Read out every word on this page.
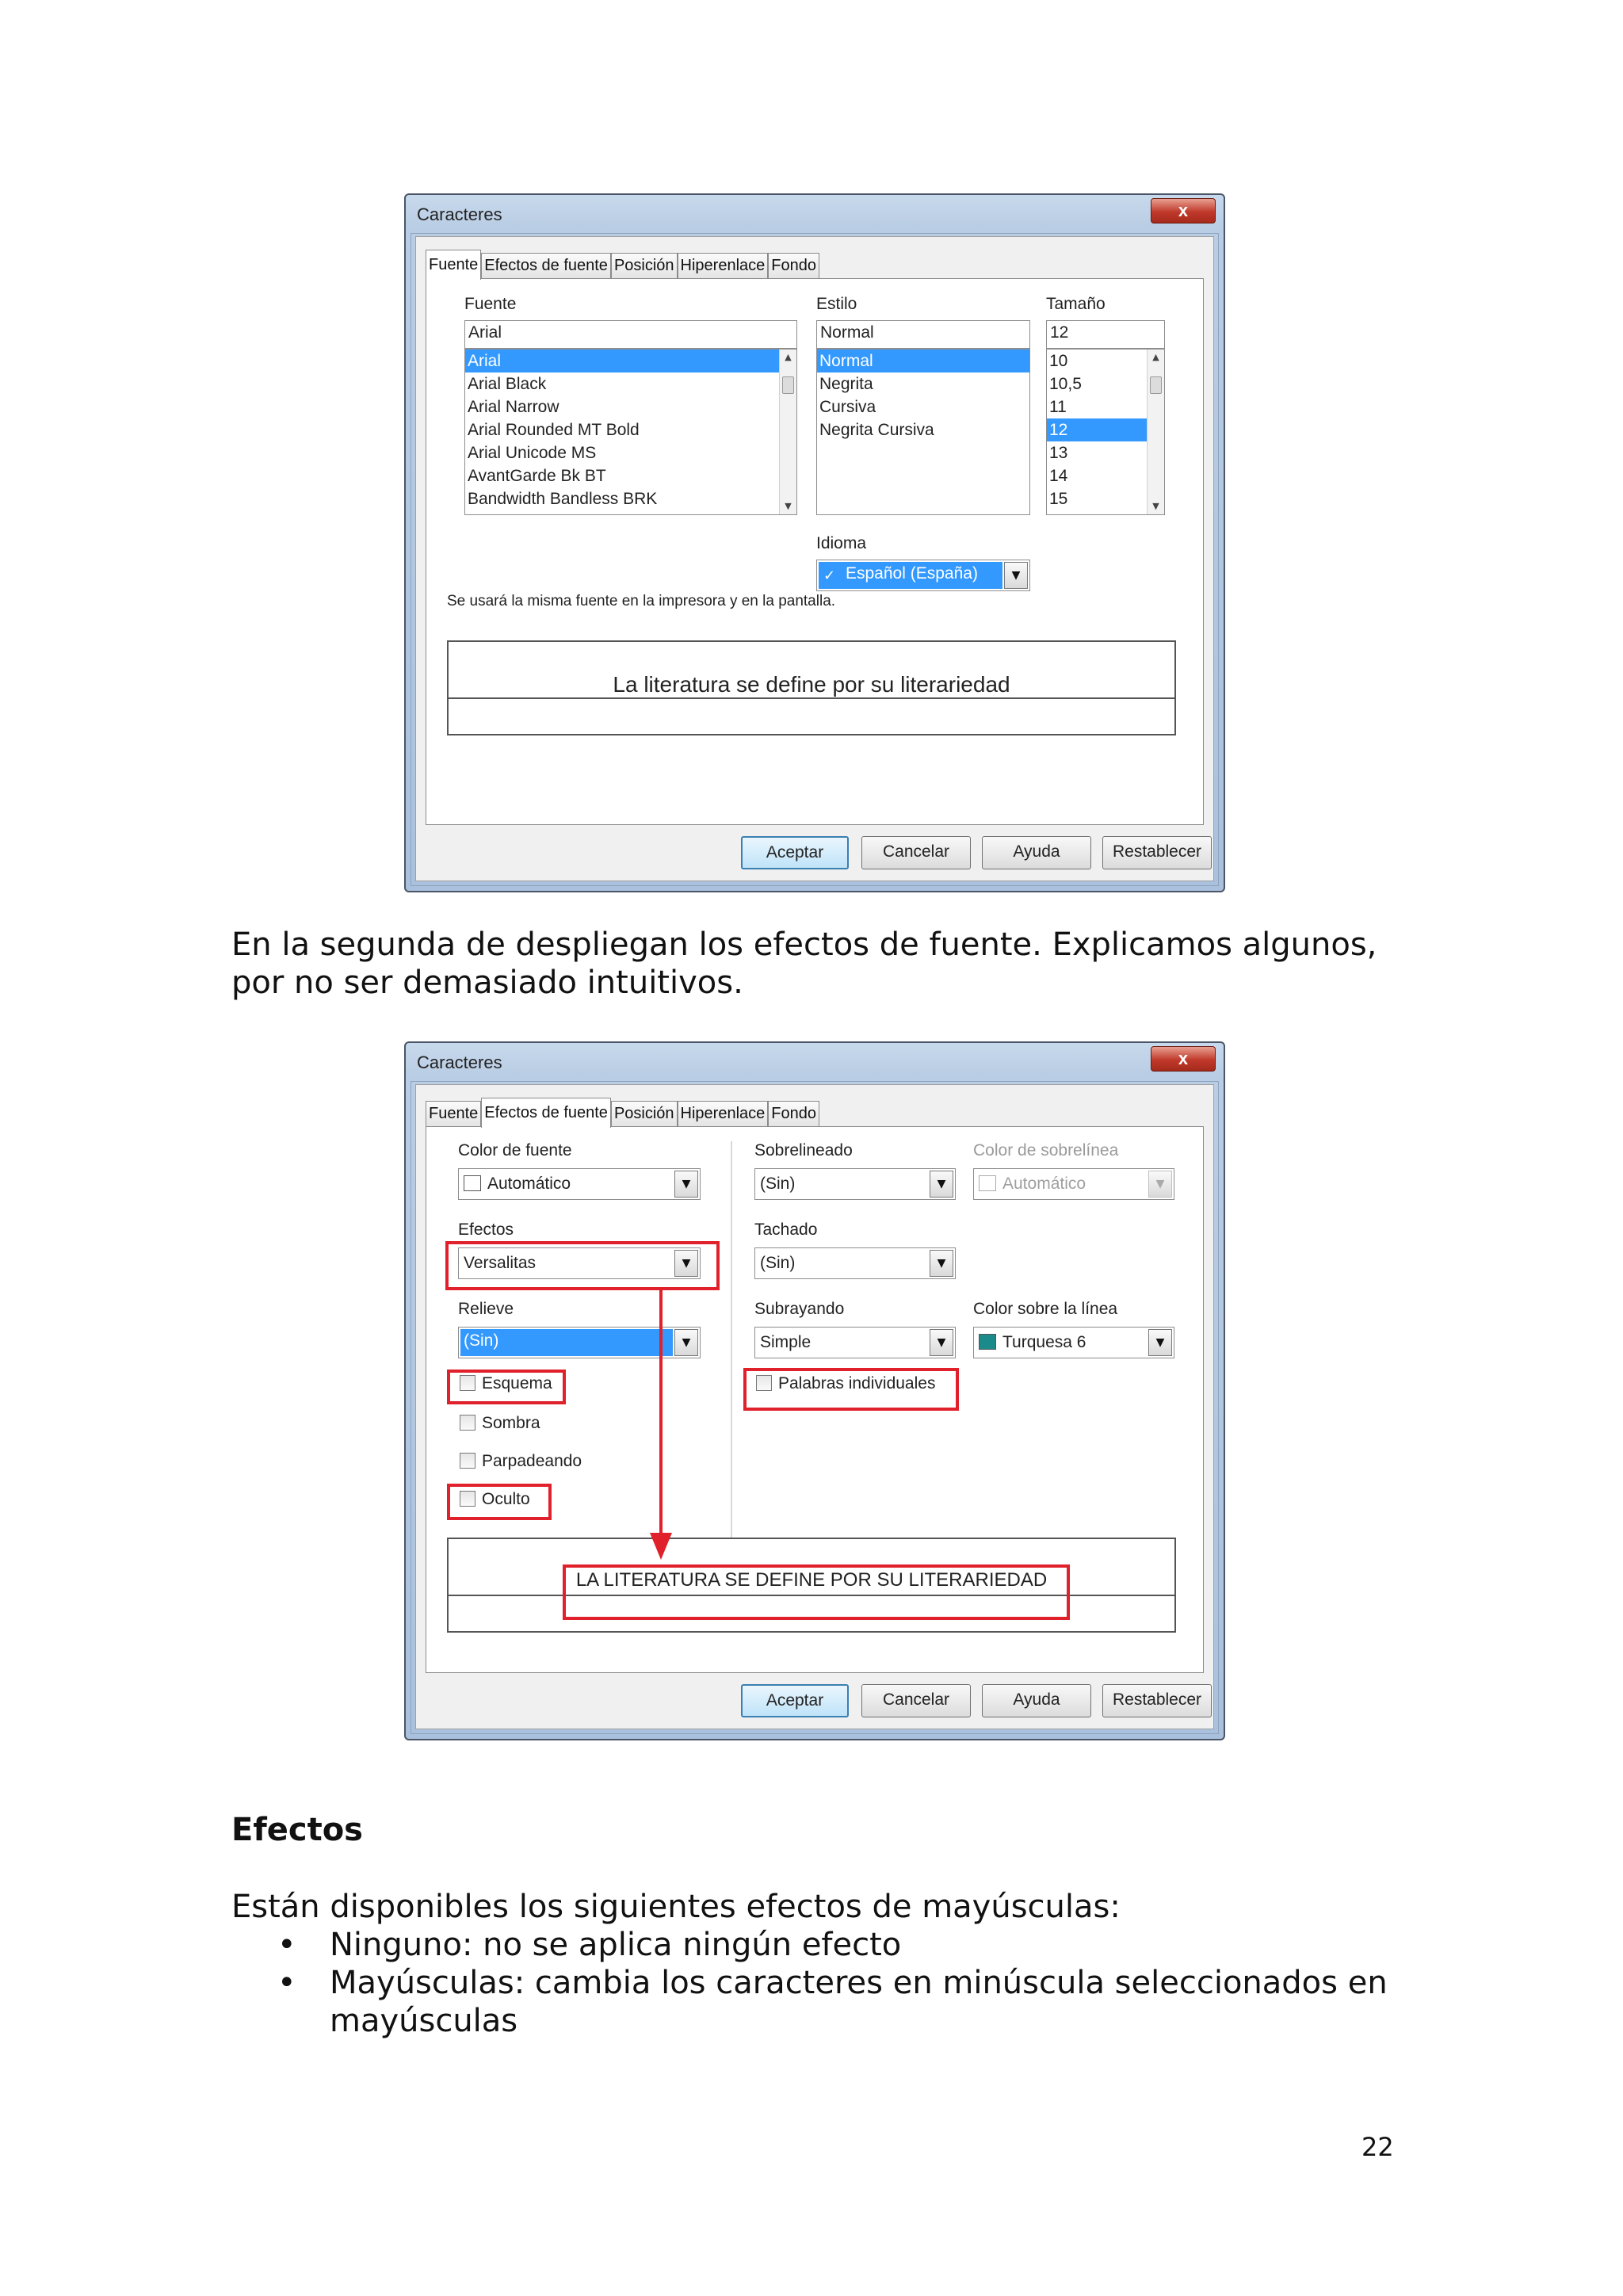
Caracteres	x
Fuente Efectos de fuente Posición Hiperenlace Fondo
Fuente
Arial
Arial
Arial Black
Arial Narrow
Arial Rounded MT Bold
Arial Unicode MS
AvantGarde Bk BT
Bandwidth Bandless BRK
▲
▼
Estilo
Normal
Normal
Negrita
Cursiva
Negrita Cursiva
Tamaño
12
10
10,5
11
12
13
14
15
▲
▼
Idioma
Español (España)
✓	▼
Se usará la misma fuente en la impresora y en la pantalla.
La literatura se define por su literariedad
Aceptar	Cancelar	Ayuda	Restablecer
En la segunda de despliegan los efectos de fuente. Explicamos algunos, por no ser demasiado intuitivos.
Caracteres	x
Fuente Efectos de fuente Posición Hiperenlace Fondo
Color de fuente
Automático	▼
Efectos
Versalitas	▼
Relieve
(Sin)	▼
Esquema
Sombra
Parpadeando
Oculto
Sobrelineado
(Sin)	▼
Tachado
(Sin)	▼
Subrayando
Simple	▼
Palabras individuales
Color de sobrelínea
Automático	▼
Color sobre la línea
Turquesa 6	▼
LA LITERATURA SE DEFINE POR SU LITERARIEDAD
Aceptar	Cancelar	Ayuda	Restablecer
Efectos
Están disponibles los siguientes efectos de mayúsculas:
• Ninguno: no se aplica ningún efecto
• Mayúsculas: cambia los caracteres en minúscula seleccionados en mayúsculas
22
